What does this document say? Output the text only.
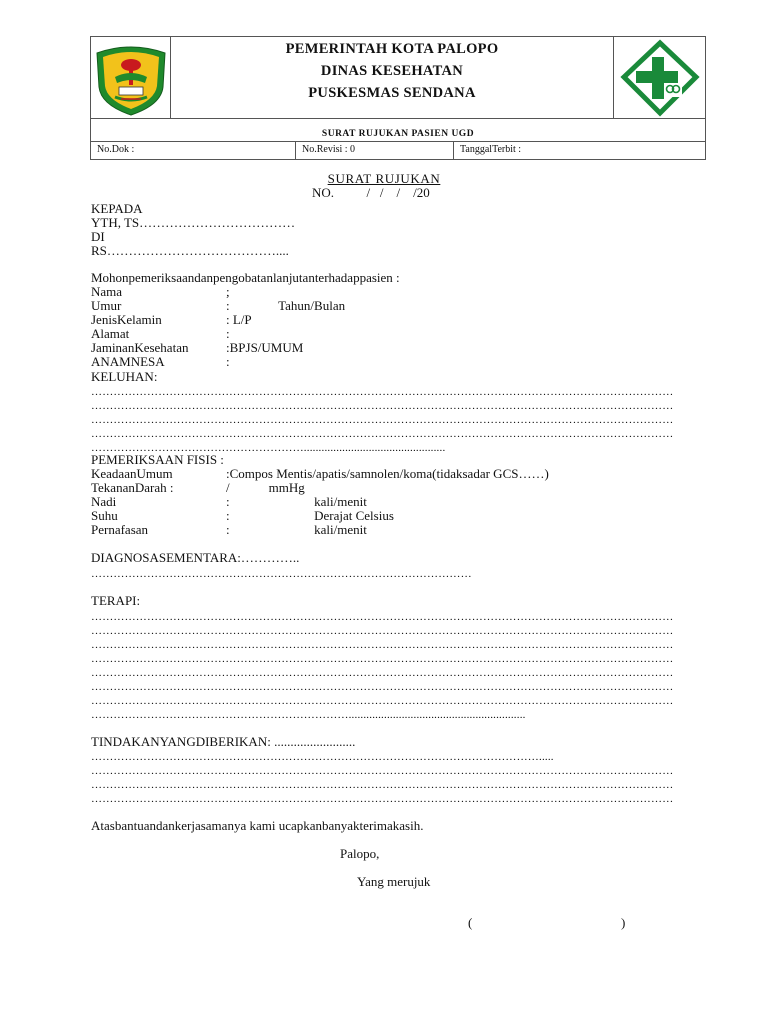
PEMERINTAH KOTA PALOPO
DINAS KESEHATAN
PUSKESMAS SENDANA
SURAT RUJUKAN PASIEN UGD
No.Dok :	No.Revisi : 0	TanggalTerbit :
SURAT RUJUKAN
NO.          /   /    /    /20
KEPADA
YTH, TS………………………………
DI
RS…………………………………....
Mohonpemeriksaandanpengobatanlanjutanterhadappasien :
Nama	;
Umur	:               Tahun/Bulan
JenisKelamin	: L/P
Alamat	:
JaminanKesehatan	:BPJS/UMUM
ANAMNESA	:
KELUHAN:
…………………………………………………………………………………………………………………………………………
…………………………………………………………………………………………………………………………………………
…………………………………………………………………………………………………………………………………………
…………………………………………………………………………………………………………………………………………
…………………………………………………................................................
PEMERIKSAAN FISIS :
KeadaanUmum	:Compos Mentis/apatis/samnolen/koma(tidaksadar GCS……)
TekananDarah :	/            mmHg
Nadi	:                          kali/menit
Suhu	:                          Derajat Celsius
Pernafasan	:                          kali/menit
DIAGNOSASEMENTARA:…………..
…………………………………………………………………………………………
TERAPI:
…………………………………………………………………………………………………………………………………………
…………………………………………………………………………………………………………………………………………
…………………………………………………………………………………………………………………………………………
…………………………………………………………………………………………………………………………………………
…………………………………………………………………………………………………………………………………………
…………………………………………………………………………………………………………………………………………
…………………………………………………………………………………………………………………………………………
……………………………………………………………............................................................
TINDAKANYANGDIBERIKAN: .........................
………………………………………………………………………………………………………….....
…………………………………………………………………………………………………………………………………………
…………………………………………………………………………………………………………………………………………
…………………………………………………………………………………………………………………………………………
Atasbantuandankerjasamanya kami ucapkanbanyakterimakasih.
Palopo,
Yang merujuk
(	)
